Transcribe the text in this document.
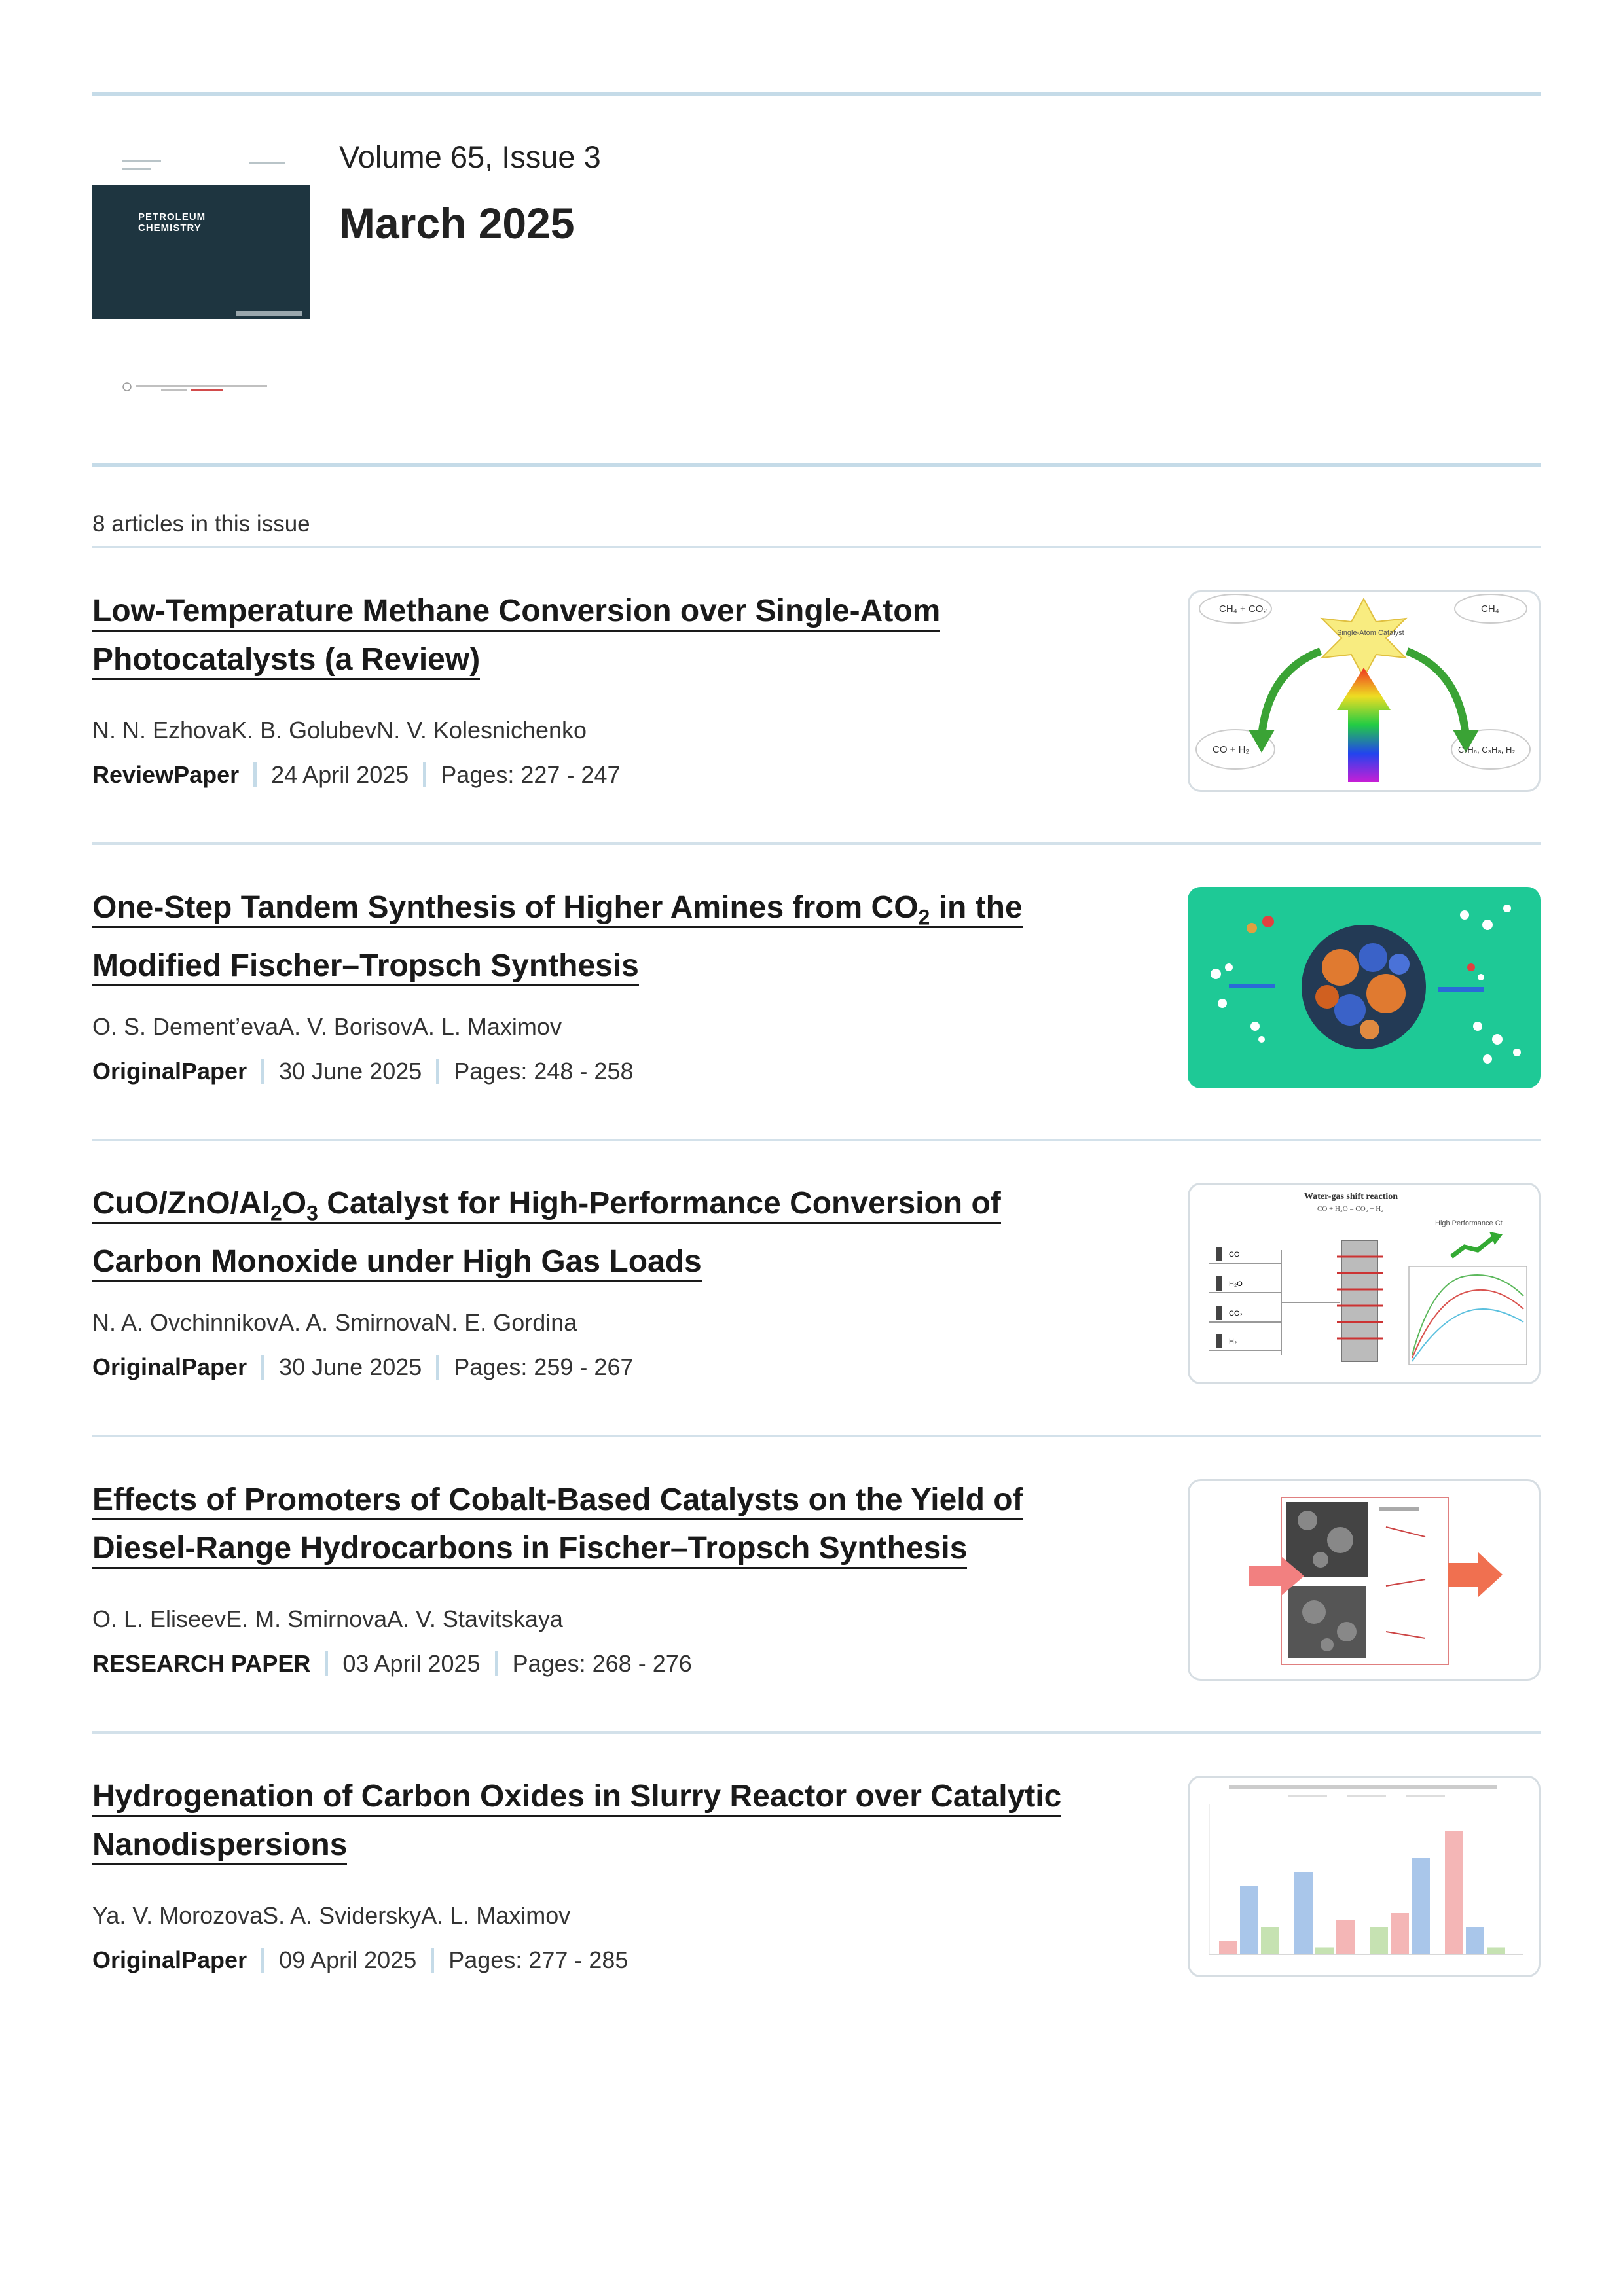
PETROLEUM
CHEMISTRY
Volume 65, Issue 3
March 2025
8 articles in this issue
Low-Temperature Methane Conversion over Single-Atom Photocatalysts (a Review)
N. N. EzhovaK. B. GolubevN. V. Kolesnichenko
ReviewPaper 24 April 2025 Pages: 227 - 247
CH₄ + CO₂	CH₄
Single-Atom Catalyst
CO + H₂	C₂H₆, C₃H₈, H₂
One-Step Tandem Synthesis of Higher Amines from $CO_2$ in the Modified Fischer–Tropsch Synthesis
O. S. Dement’evaA. V. BorisovA. L. Maximov
OriginalPaper 30 June 2025 Pages: 248 - 258
CuO/$ZnO/Al_2O_3$ Catalyst for High-Performance Conversion of Carbon Monoxide under High Gas Loads
N. A. OvchinnikovA. A. SmirnovaN. E. Gordina
OriginalPaper 30 June 2025 Pages: 259 - 267
Water-gas shift reaction
CO + H₂O = CO₂ + H₂
High Performance Ct
CO
H₂O
CO₂
H₂
Effects of Promoters of Cobalt-Based Catalysts on the Yield of Diesel-Range Hydrocarbons in Fischer–Tropsch Synthesis
O. L. EliseevE. M. SmirnovaA. V. Stavitskaya
RESEARCH PAPER 03 April 2025 Pages: 268 - 276
Hydrogenation of Carbon Oxides in Slurry Reactor over Catalytic Nanodispersions
Ya. V. MorozovaS. A. SviderskyA. L. Maximov
OriginalPaper 09 April 2025 Pages: 277 - 285
